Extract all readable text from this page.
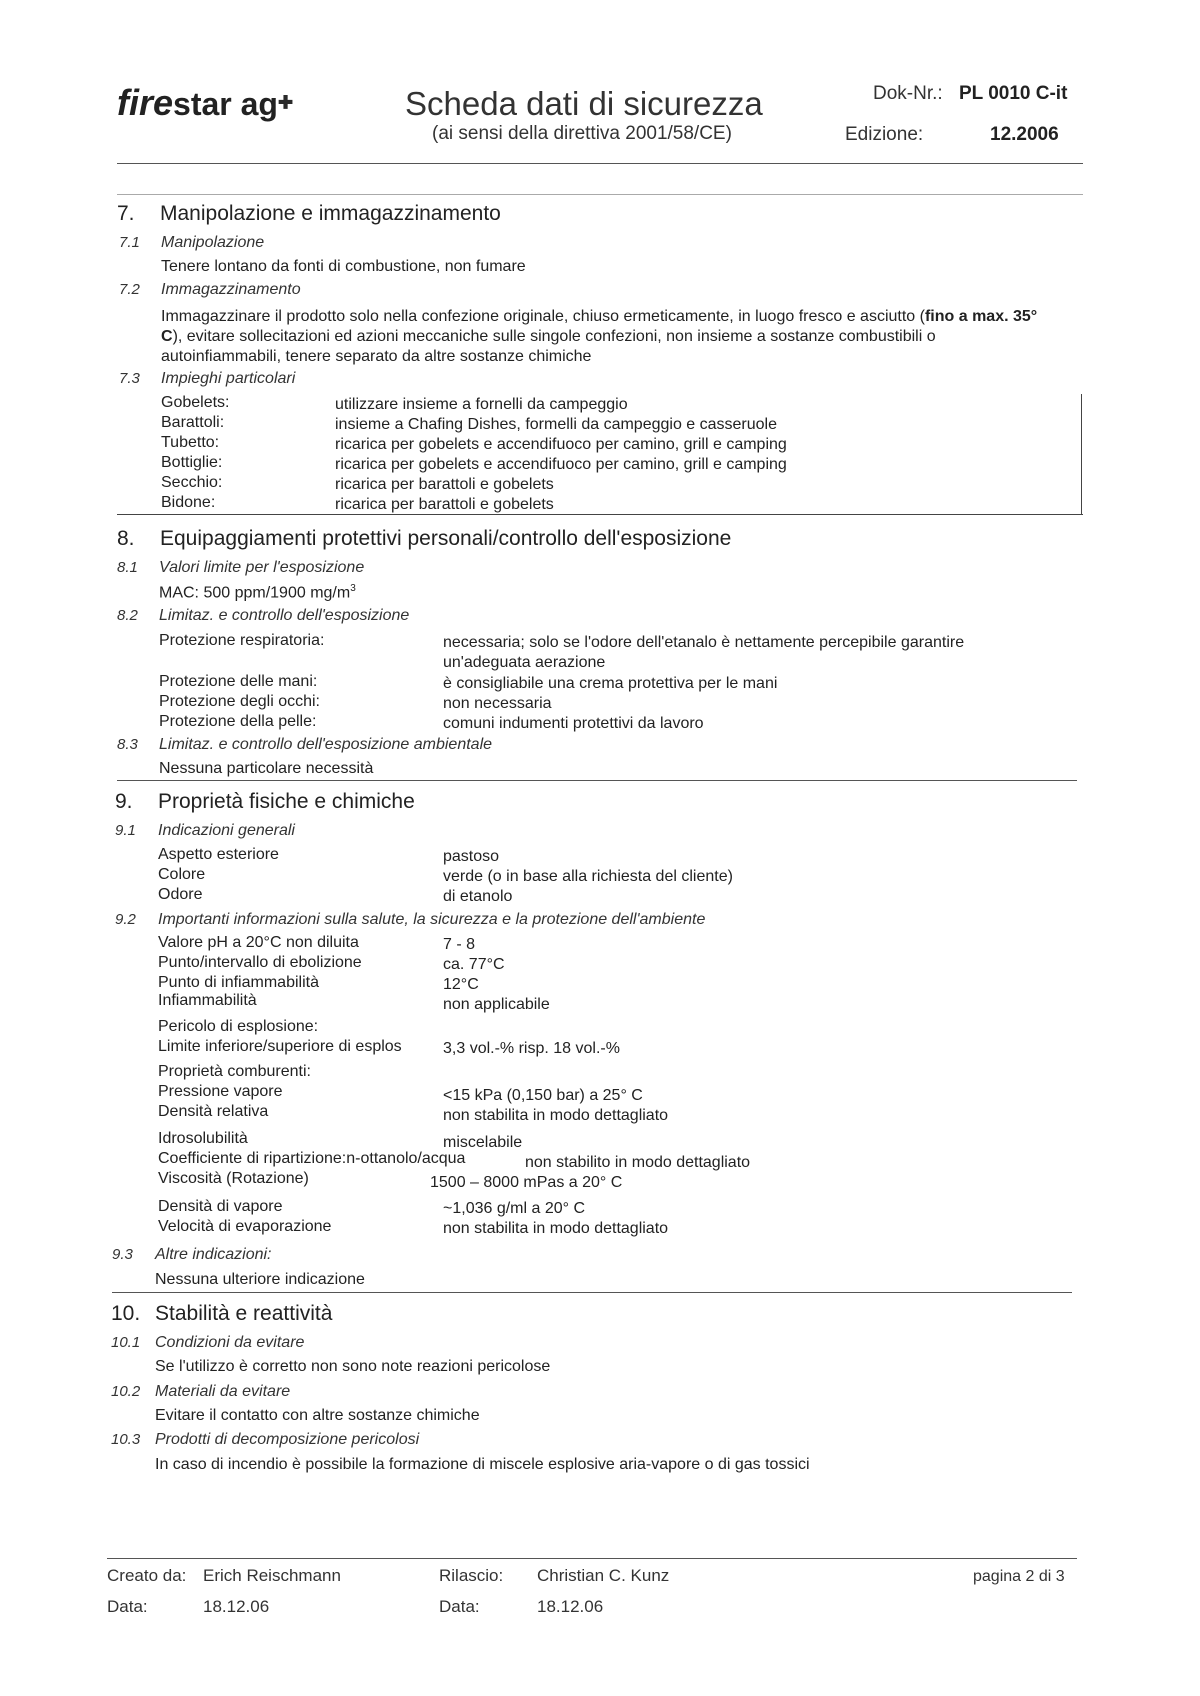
firestar ag✚	Scheda dati di sicurezza
(ai sensi della direttiva 2001/58/CE)
Dok-Nr.: PL 0010 C-it
Edizione:	12.2006
7. Manipolazione e immagazzinamento
7.1 Manipolazione
Tenere lontano da fonti di combustione, non fumare
7.2 Immagazzinamento
Immagazzinare il prodotto solo nella confezione originale, chiuso ermeticamente, in luogo fresco e asciutto (fino a max. 35° C), evitare sollecitazioni ed azioni meccaniche sulle singole confezioni, non insieme a sostanze combustibili o autoinfiammabili, tenere separato da altre sostanze chimiche
7.3 Impieghi particolari
Gobelets:	utilizzare insieme a fornelli da campeggio
Barattoli:	insieme a Chafing Dishes, formelli da campeggio e casseruole
Tubetto:	ricarica per gobelets e accendifuoco per camino, grill e camping
Bottiglie:	ricarica per gobelets e accendifuoco per camino, grill e camping
Secchio:	ricarica per barattoli e gobelets
Bidone:	ricarica per barattoli e gobelets
8. Equipaggiamenti protettivi personali/controllo dell'esposizione
8.1 Valori limite per l'esposizione
MAC: 500 ppm/1900 $mg/m^3$
8.2 Limitaz. e controllo dell'esposizione
Protezione respiratoria:	necessaria; solo se l'odore dell'etanalo è nettamente percepibile garantire
un'adeguata aerazione
Protezione delle mani:	è consigliabile una crema protettiva per le mani
Protezione degli occhi:	non necessaria
Protezione della pelle:	comuni indumenti protettivi da lavoro
8.3 Limitaz. e controllo dell'esposizione ambientale
Nessuna particolare necessità
9. Proprietà fisiche e chimiche
9.1 Indicazioni generali
Aspetto esteriore	pastoso
Colore	verde (o in base alla richiesta del cliente)
Odore	di etanolo
9.2 Importanti informazioni sulla salute, la sicurezza e la protezione dell'ambiente
Valore pH a 20°C non diluita	7 - 8
Punto/intervallo di ebolizione	ca. 77°C
Punto di infiammabilità	12°C
Infiammabilità	non applicabile
Pericolo di esplosione:
Limite inferiore/superiore di esplos	3,3 vol.-% risp. 18 vol.-%
Proprietà comburenti:
Pressione vapore	<15 kPa (0,150 bar) a 25° C
Densità relativa	non stabilita in modo dettagliato
Idrosolubilità	miscelabile
Coefficiente di ripartizione:n-ottanolo/acqua	non stabilito in modo dettagliato
Viscosità (Rotazione)	1500 – 8000 mPas a 20° C
Densità di vapore	~1,036 g/ml a 20° C
Velocità di evaporazione	non stabilita in modo dettagliato
9.3 Altre indicazioni:
Nessuna ulteriore indicazione
10. Stabilità e reattività
10.1 Condizioni da evitare
Se l'utilizzo è corretto non sono note reazioni pericolose
10.2 Materiali da evitare
Evitare il contatto con altre sostanze chimiche
10.3 Prodotti di decomposizione pericolosi
In caso di incendio è possibile la formazione di miscele esplosive aria-vapore o di gas tossici
Creato da: Erich Reischmann	Rilascio: Christian C. Kunz	pagina 2 di 3
Data:	18.12.06	Data:	18.12.06
